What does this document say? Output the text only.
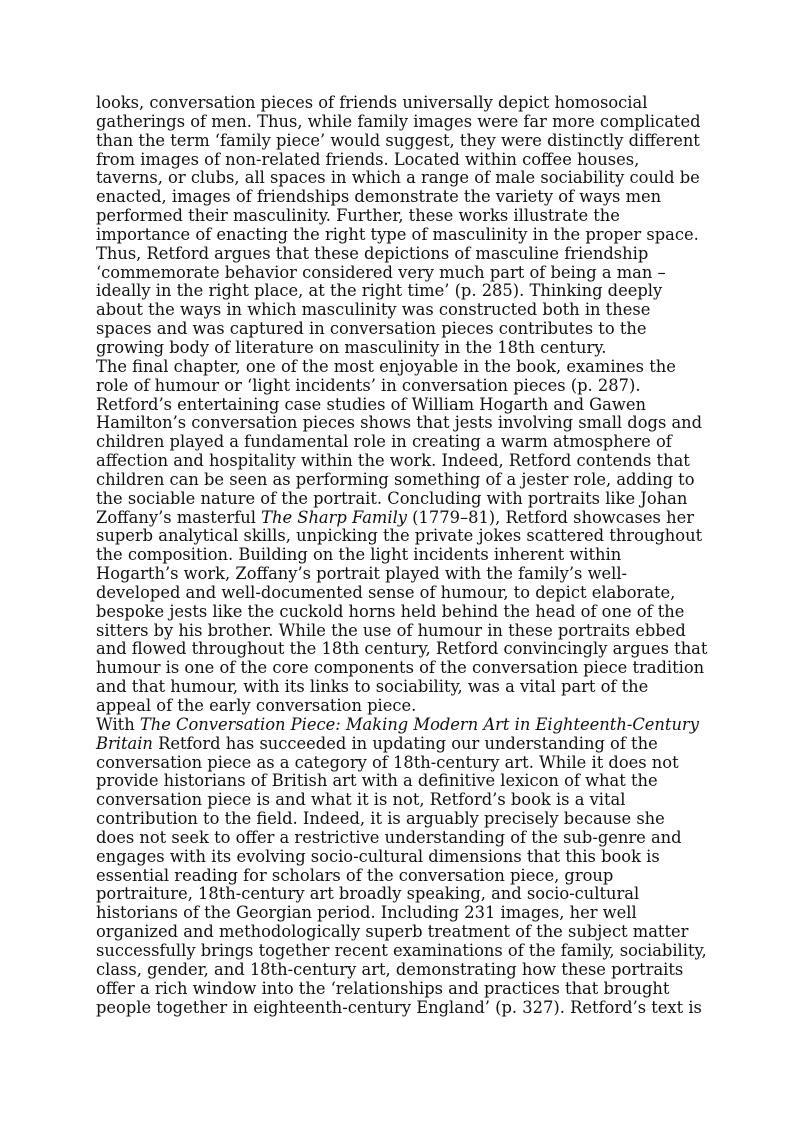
looks, conversation pieces of friends universally depict homosocial
gatherings of men. Thus, while family images were far more complicated
than the term ‘family piece’ would suggest, they were distinctly different
from images of non-related friends. Located within coffee houses,
taverns, or clubs, all spaces in which a range of male sociability could be
enacted, images of friendships demonstrate the variety of ways men
performed their masculinity. Further, these works illustrate the
importance of enacting the right type of masculinity in the proper space.
Thus, Retford argues that these depictions of masculine friendship
‘commemorate behavior considered very much part of being a man –
ideally in the right place, at the right time’ (p. 285). Thinking deeply
about the ways in which masculinity was constructed both in these
spaces and was captured in conversation pieces contributes to the
growing body of literature on masculinity in the 18th century.
The final chapter, one of the most enjoyable in the book, examines the
role of humour or ‘light incidents’ in conversation pieces (p. 287).
Retford’s entertaining case studies of William Hogarth and Gawen
Hamilton’s conversation pieces shows that jests involving small dogs and
children played a fundamental role in creating a warm atmosphere of
affection and hospitality within the work. Indeed, Retford contends that
children can be seen as performing something of a jester role, adding to
the sociable nature of the portrait. Concluding with portraits like Johan
Zoffany’s masterful The Sharp Family (1779–81), Retford showcases her
superb analytical skills, unpicking the private jokes scattered throughout
the composition. Building on the light incidents inherent within
Hogarth’s work, Zoffany’s portrait played with the family’s well-
developed and well-documented sense of humour, to depict elaborate,
bespoke jests like the cuckold horns held behind the head of one of the
sitters by his brother. While the use of humour in these portraits ebbed
and flowed throughout the 18th century, Retford convincingly argues that
humour is one of the core components of the conversation piece tradition
and that humour, with its links to sociability, was a vital part of the
appeal of the early conversation piece.
With The Conversation Piece: Making Modern Art in Eighteenth-Century
Britain Retford has succeeded in updating our understanding of the
conversation piece as a category of 18th-century art. While it does not
provide historians of British art with a definitive lexicon of what the
conversation piece is and what it is not, Retford’s book is a vital
contribution to the field. Indeed, it is arguably precisely because she
does not seek to offer a restrictive understanding of the sub-genre and
engages with its evolving socio-cultural dimensions that this book is
essential reading for scholars of the conversation piece, group
portraiture, 18th-century art broadly speaking, and socio-cultural
historians of the Georgian period. Including 231 images, her well
organized and methodologically superb treatment of the subject matter
successfully brings together recent examinations of the family, sociability,
class, gender, and 18th-century art, demonstrating how these portraits
offer a rich window into the ‘relationships and practices that brought
people together in eighteenth-century England’ (p. 327). Retford’s text is
